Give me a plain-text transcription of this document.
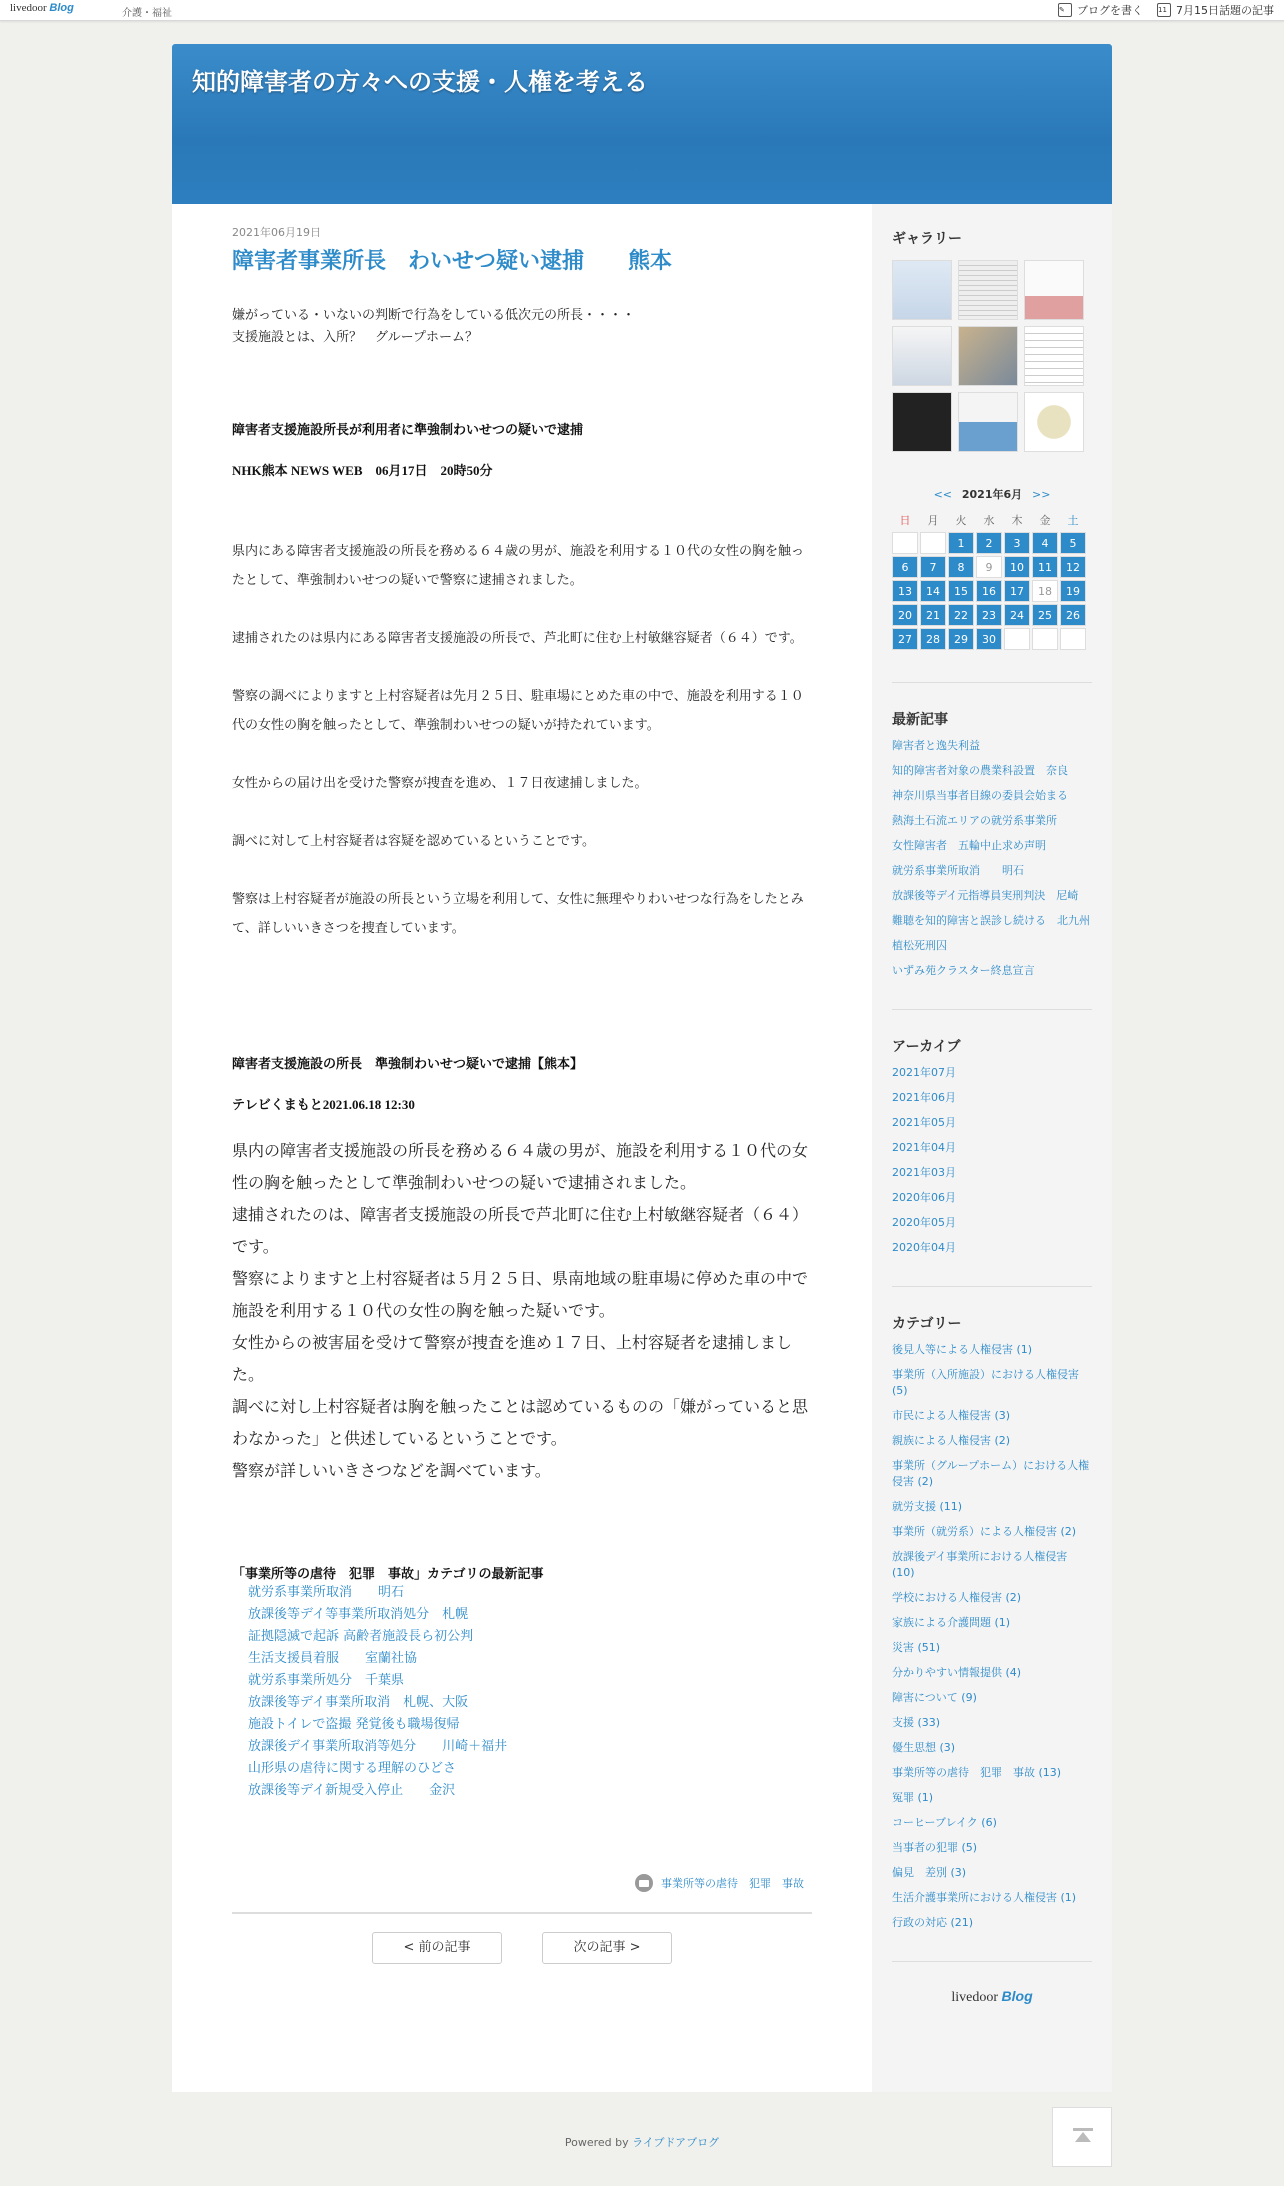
livedoor Blog	介護・福祉	✎	ブログを書く 11 7月15日話題の記事
知的障害者の方々への支援・人権を考える
2021年06月19日
障害者事業所長　わいせつ疑い逮捕　　熊本
嫌がっている・いないの判断で行為をしている低次元の所長・・・・
支援施設とは、入所？　グループホーム？
障害者支援施設所長が利用者に準強制わいせつの疑いで逮捕
NHK熊本 NEWS WEB　06月17日　20時50分
県内にある障害者支援施設の所長を務める６４歳の男が、施設を利用する１０代の女性の胸を触ったとして、準強制わいせつの疑いで警察に逮捕されました。
逮捕されたのは県内にある障害者支援施設の所長で、芦北町に住む上村敏継容疑者（６４）です。
警察の調べによりますと上村容疑者は先月２５日、駐車場にとめた車の中で、施設を利用する１０代の女性の胸を触ったとして、準強制わいせつの疑いが持たれています。
女性からの届け出を受けた警察が捜査を進め、１７日夜逮捕しました。
調べに対して上村容疑者は容疑を認めているということです。
警察は上村容疑者が施設の所長という立場を利用して、女性に無理やりわいせつな行為をしたとみて、詳しいいきさつを捜査しています。
障害者支援施設の所長　準強制わいせつ疑いで逮捕【熊本】
テレビくまもと2021.06.18 12:30
県内の障害者支援施設の所長を務める６４歳の男が、施設を利用する１０代の女性の胸を触ったとして準強制わいせつの疑いで逮捕されました。
逮捕されたのは、障害者支援施設の所長で芦北町に住む上村敏継容疑者（６４）です。
警察によりますと上村容疑者は５月２５日、県南地域の駐車場に停めた車の中で施設を利用する１０代の女性の胸を触った疑いです。
女性からの被害届を受けて警察が捜査を進め１７日、上村容疑者を逮捕しました。
調べに対し上村容疑者は胸を触ったことは認めているものの「嫌がっていると思わなかった」と供述しているということです。
警察が詳しいいきさつなどを調べています。
「事業所等の虐待　犯罪　事故」カテゴリの最新記事
就労系事業所取消　　明石
放課後等デイ等事業所取消処分　札幌
証拠隠滅で起訴 高齢者施設長ら初公判
生活支援員着服　　室蘭社協
就労系事業所処分　千葉県
放課後等デイ事業所取消　札幌、大阪
施設トイレで盗撮 発覚後も職場復帰
放課後デイ事業所取消等処分　　川崎＋福井
山形県の虐待に関する理解のひどさ
放課後等デイ新規受入停止　　金沢
事業所等の虐待　犯罪　事故
< 前の記事	次の記事 >
ギャラリー
<< 2021年6月 >>
日	月	火	水	木	金	土
		1	2	3	4	5
6	7	8	9	10	11	12
13	14	15	16	17	18	19
20	21	22	23	24	25	26
27	28	29	30			
最新記事
障害者と逸失利益
知的障害者対象の農業科設置　奈良
神奈川県当事者目線の委員会始まる
熱海土石流エリアの就労系事業所
女性障害者　五輪中止求め声明
就労系事業所取消　　明石
放課後等デイ元指導員実刑判決　尼崎
難聴を知的障害と誤診し続ける　北九州
植松死刑囚
いずみ苑クラスター終息宣言
アーカイブ
2021年07月
2021年06月
2021年05月
2021年04月
2021年03月
2020年06月
2020年05月
2020年04月
カテゴリー
後見人等による人権侵害 (1)
事業所（入所施設）における人権侵害 (5)
市民による人権侵害 (3)
親族による人権侵害 (2)
事業所（グループホーム）における人権侵害 (2)
就労支援 (11)
事業所（就労系）による人権侵害 (2)
放課後デイ事業所における人権侵害 (10)
学校における人権侵害 (2)
家族による介護問題 (1)
災害 (51)
分かりやすい情報提供 (4)
障害について (9)
支援 (33)
優生思想 (3)
事業所等の虐待　犯罪　事故 (13)
冤罪 (1)
コーヒーブレイク (6)
当事者の犯罪 (5)
偏見　差別 (3)
生活介護事業所における人権侵害 (1)
行政の対応 (21)
livedoor Blog
Powered by ライブドアブログ
